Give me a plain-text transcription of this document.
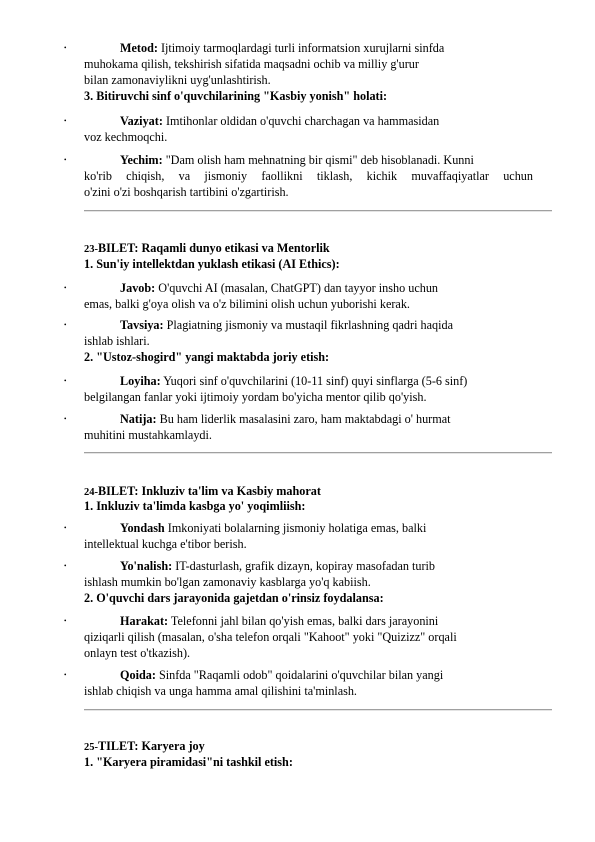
•	Metod: Ijtimoiy tarmoqlardagi turli informatsion xurujlarni sinfda
muhokama qilish, tekshirish sifatida maqsadni ochib va milliy g'urur
bilan zamonaviylikni uyg'unlashtirish.
3. Bitiruvchi sinf o'quvchilarining "Kasbiy yonish" holati:
•	Vaziyat: Imtihonlar oldidan o'quvchi charchagan va hammasidan
voz kechmoqchi.
•	Yechim: "Dam olish ham mehnatning bir qismi" deb hisoblanadi. Kunni
ko'rib chiqish, va jismoniy faollikni tiklash, kichik muvaffaqiyatlar uchun
o'zini o'zi boshqarish tartibini o'zgartirish.
23-BILET: Raqamli dunyo etikasi va Mentorlik
1. Sun'iy intellektdan yuklash etikasi (AI Ethics):
•	Javob: O'quvchi AI (masalan, ChatGPT) dan tayyor insho uchun
emas, balki g'oya olish va o'z bilimini olish uchun yuborishi kerak.
•	Tavsiya: Plagiatning jismoniy va mustaqil fikrlashning qadri haqida
ishlab ishlari.
2. "Ustoz-shogird" yangi maktabda joriy etish:
•	Loyiha: Yuqori sinf o'quvchilarini (10-11 sinf) quyi sinflarga (5-6 sinf)
belgilangan fanlar yoki ijtimoiy yordam bo'yicha mentor qilib qo'yish.
•	Natija: Bu ham liderlik masalasini zaro, ham maktabdagi o' hurmat
muhitini mustahkamlaydi.
24-BILET: Inkluziv ta'lim va Kasbiy mahorat
1. Inkluziv ta'limda kasbga yo' yoqimliish:
•	Yondash Imkoniyati bolalarning jismoniy holatiga emas, balki
intellektual kuchga e'tibor berish.
•	Yo'nalish: IT-dasturlash, grafik dizayn, kopiray masofadan turib
ishlash mumkin bo'lgan zamonaviy kasblarga yo'q kabiish.
2. O'quvchi dars jarayonida gajetdan o'rinsiz foydalansa:
•	Harakat: Telefonni jahl bilan qo'yish emas, balki dars jarayonini
qiziqarli qilish (masalan, o'sha telefon orqali "Kahoot" yoki "Quizizz" orqali
onlayn test o'tkazish).
•	Qoida: Sinfda "Raqamli odob" qoidalarini o'quvchilar bilan yangi
ishlab chiqish va unga hamma amal qilishini ta'minlash.
25-TILET: Karyera joy
1. "Karyera piramidasi"ni tashkil etish:
